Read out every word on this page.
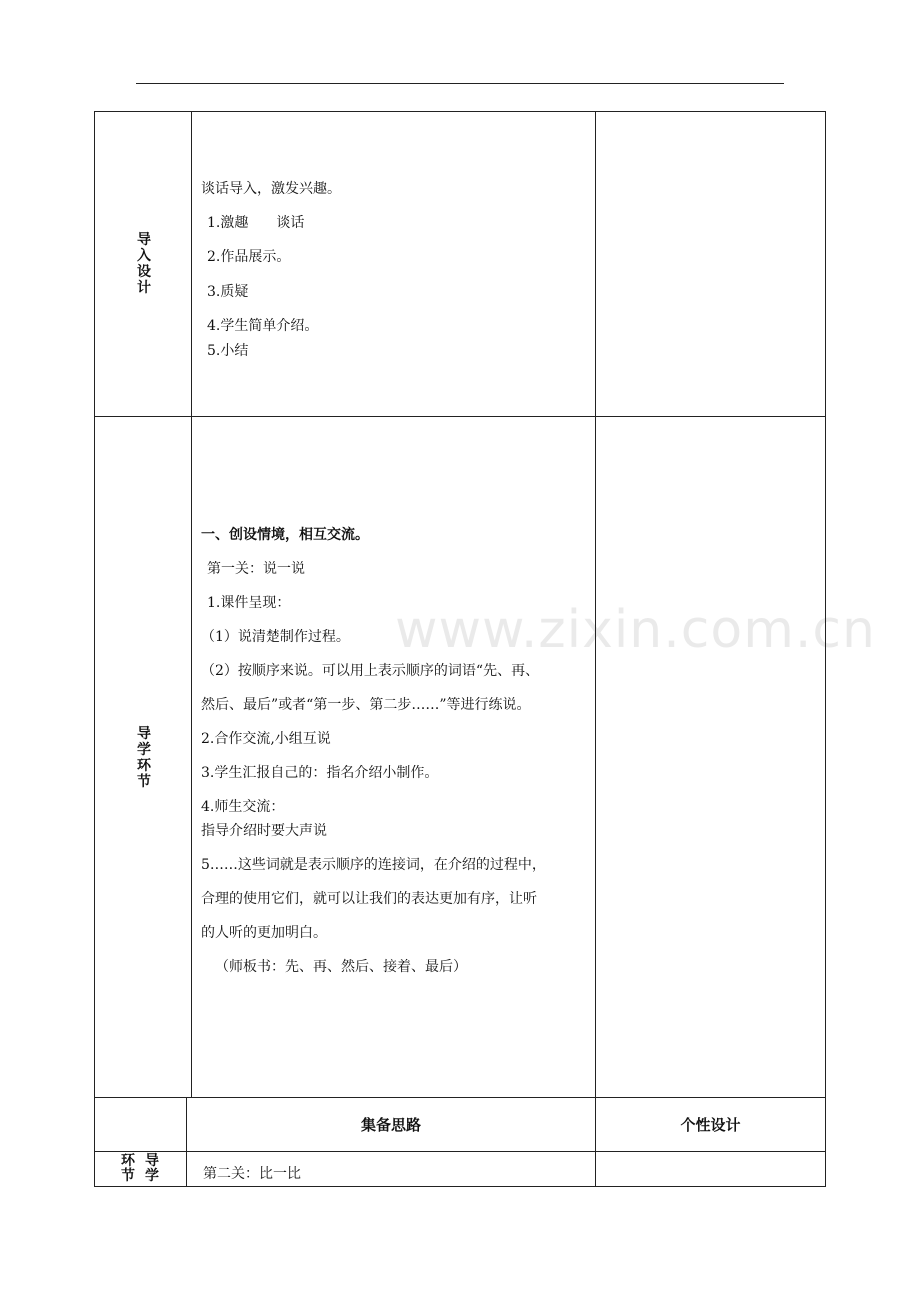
www.zixin.com.cn
导
入
设
计
谈话导入，激发兴趣。
1.激趣　　谈话
2.作品展示。
3.质疑
4.学生简单介绍。
5.小结
导
学
环
节
一、创设情境，相互交流。
第一关：说一说
1.课件呈现：
（1）说清楚制作过程。
（2）按顺序来说。可以用上表示顺序的词语“先、再、
然后、最后”或者“第一步、第二步……”等进行练说。
2.合作交流,小组互说
3.学生汇报自己的：指名介绍小制作。
4.师生交流：
指导介绍时要大声说
5……这些词就是表示顺序的连接词，在介绍的过程中，
合理的使用它们，就可以让我们的表达更加有序，让听
的人听的更加明白。
（师板书：先、再、然后、接着、最后）
集备思路	个性设计
环
节
导
学	第二关：比一比
